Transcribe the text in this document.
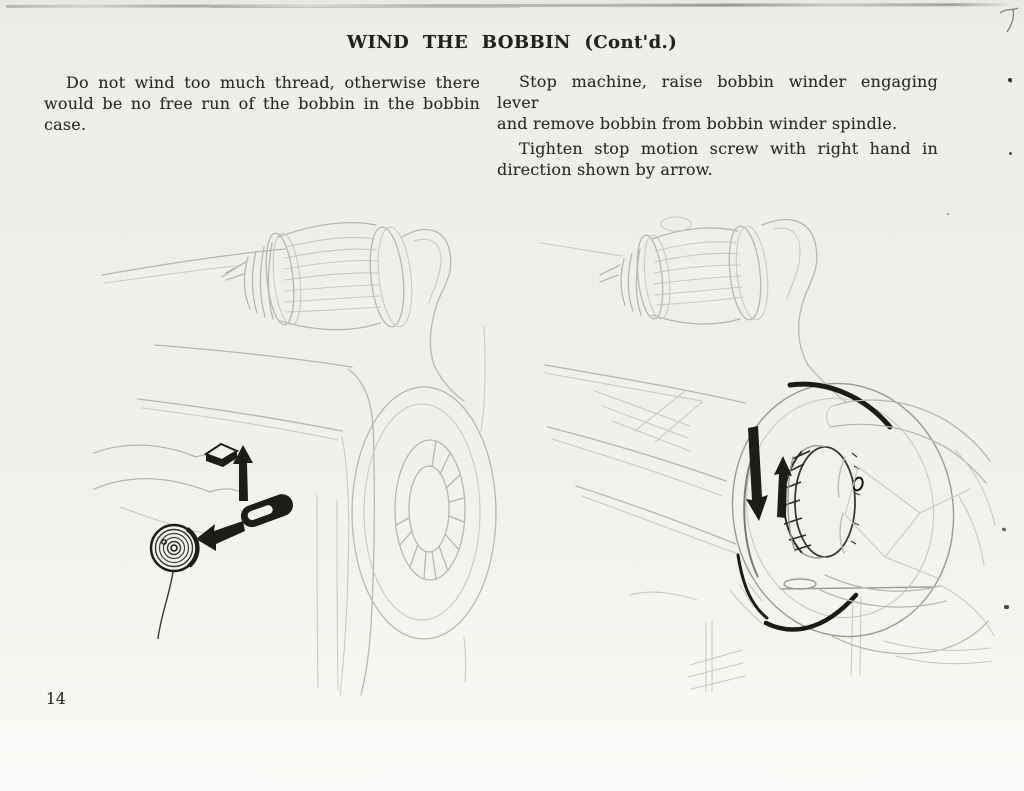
WIND THE BOBBIN (Cont'd.)
Do not wind too much thread, otherwise there
would be no free run of the bobbin in the bobbin
case.
Stop machine, raise bobbin winder engaging lever
and remove bobbin from bobbin winder spindle.
Tighten stop motion screw with right hand in
direction shown by arrow.
14
